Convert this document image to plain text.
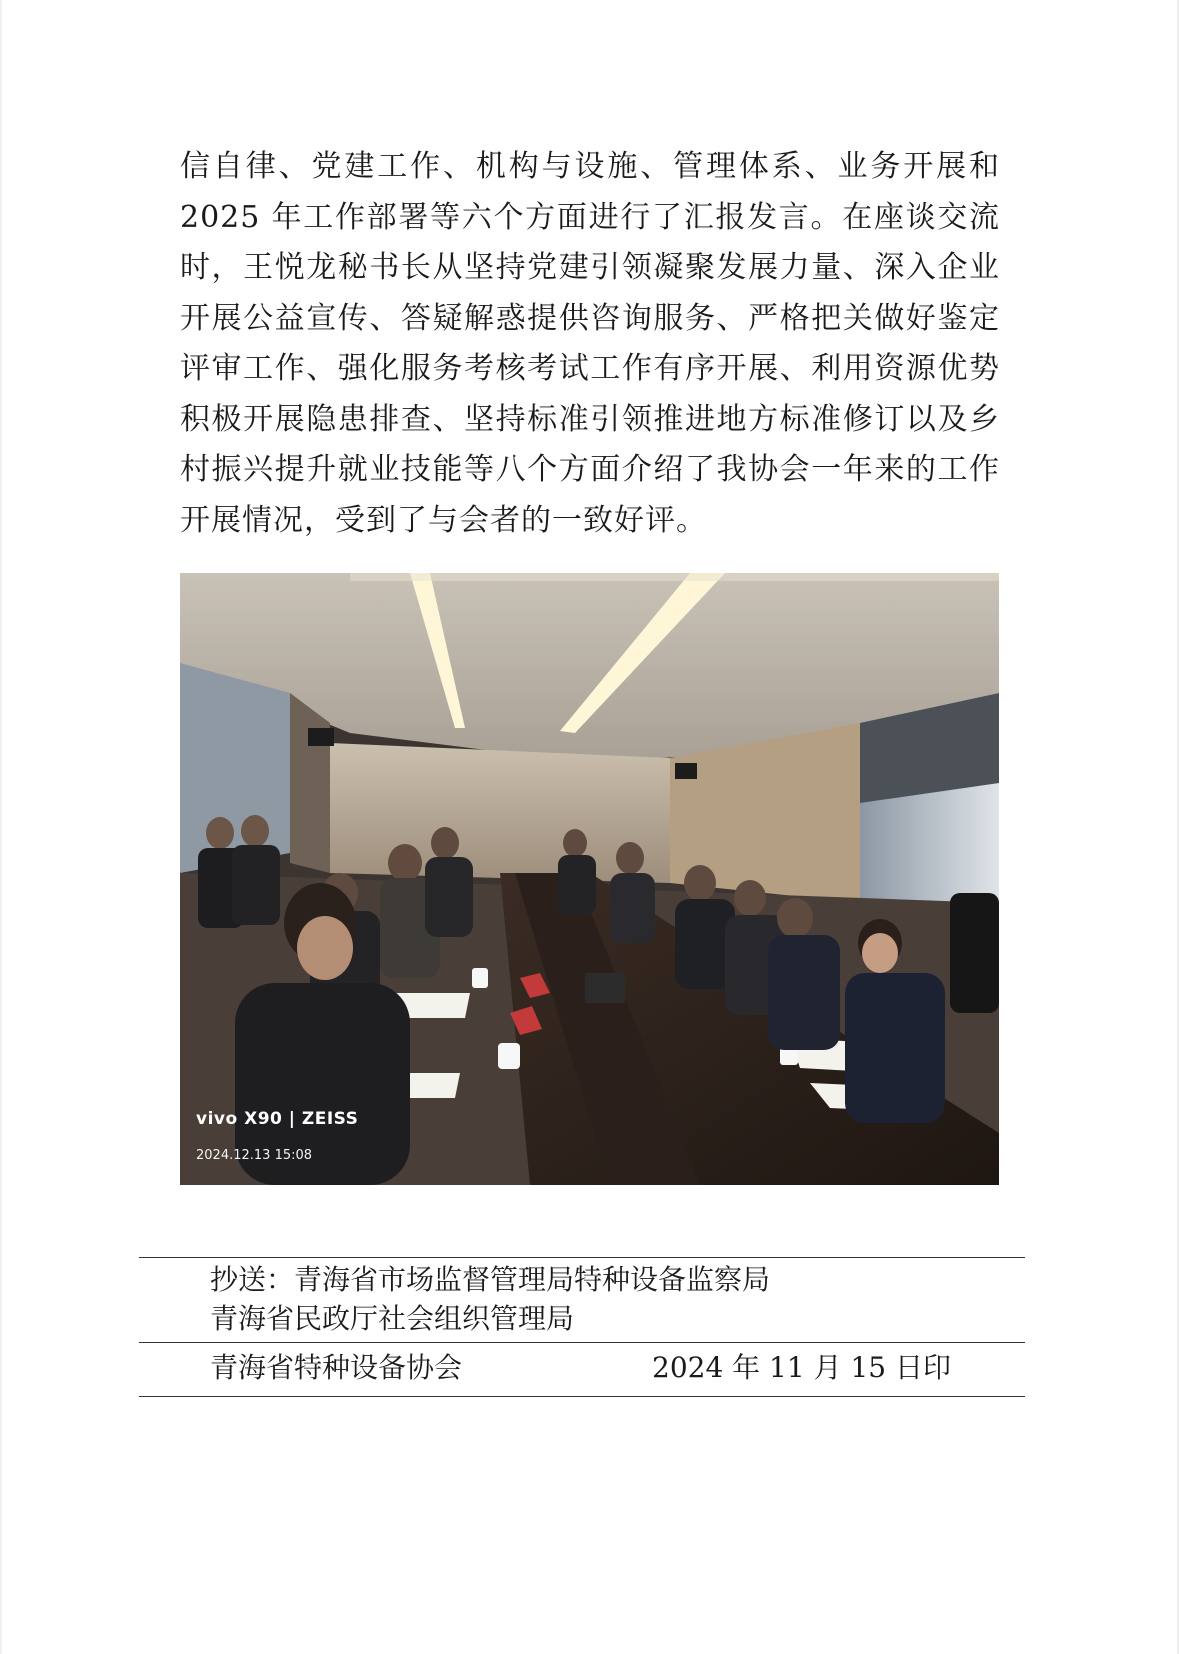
信自律、党建工作、机构与设施、管理体系、业务开展和 2025 年工作部署等六个方面进行了汇报发言。在座谈交流时，王悦龙秘书长从坚持党建引领凝聚发展力量、深入企业开展公益宣传、答疑解惑提供咨询服务、严格把关做好鉴定评审工作、强化服务考核考试工作有序开展、利用资源优势积极开展隐患排查、坚持标准引领推进地方标准修订以及乡村振兴提升就业技能等八个方面介绍了我协会一年来的工作开展情况，受到了与会者的一致好评。

vivo X90 | ZEISS
2024.12.13 15:08

抄送：青海省市场监督管理局特种设备监察局

青海省民政厅社会组织管理局

青海省特种设备协会	2024 年 11 月 15 日印
